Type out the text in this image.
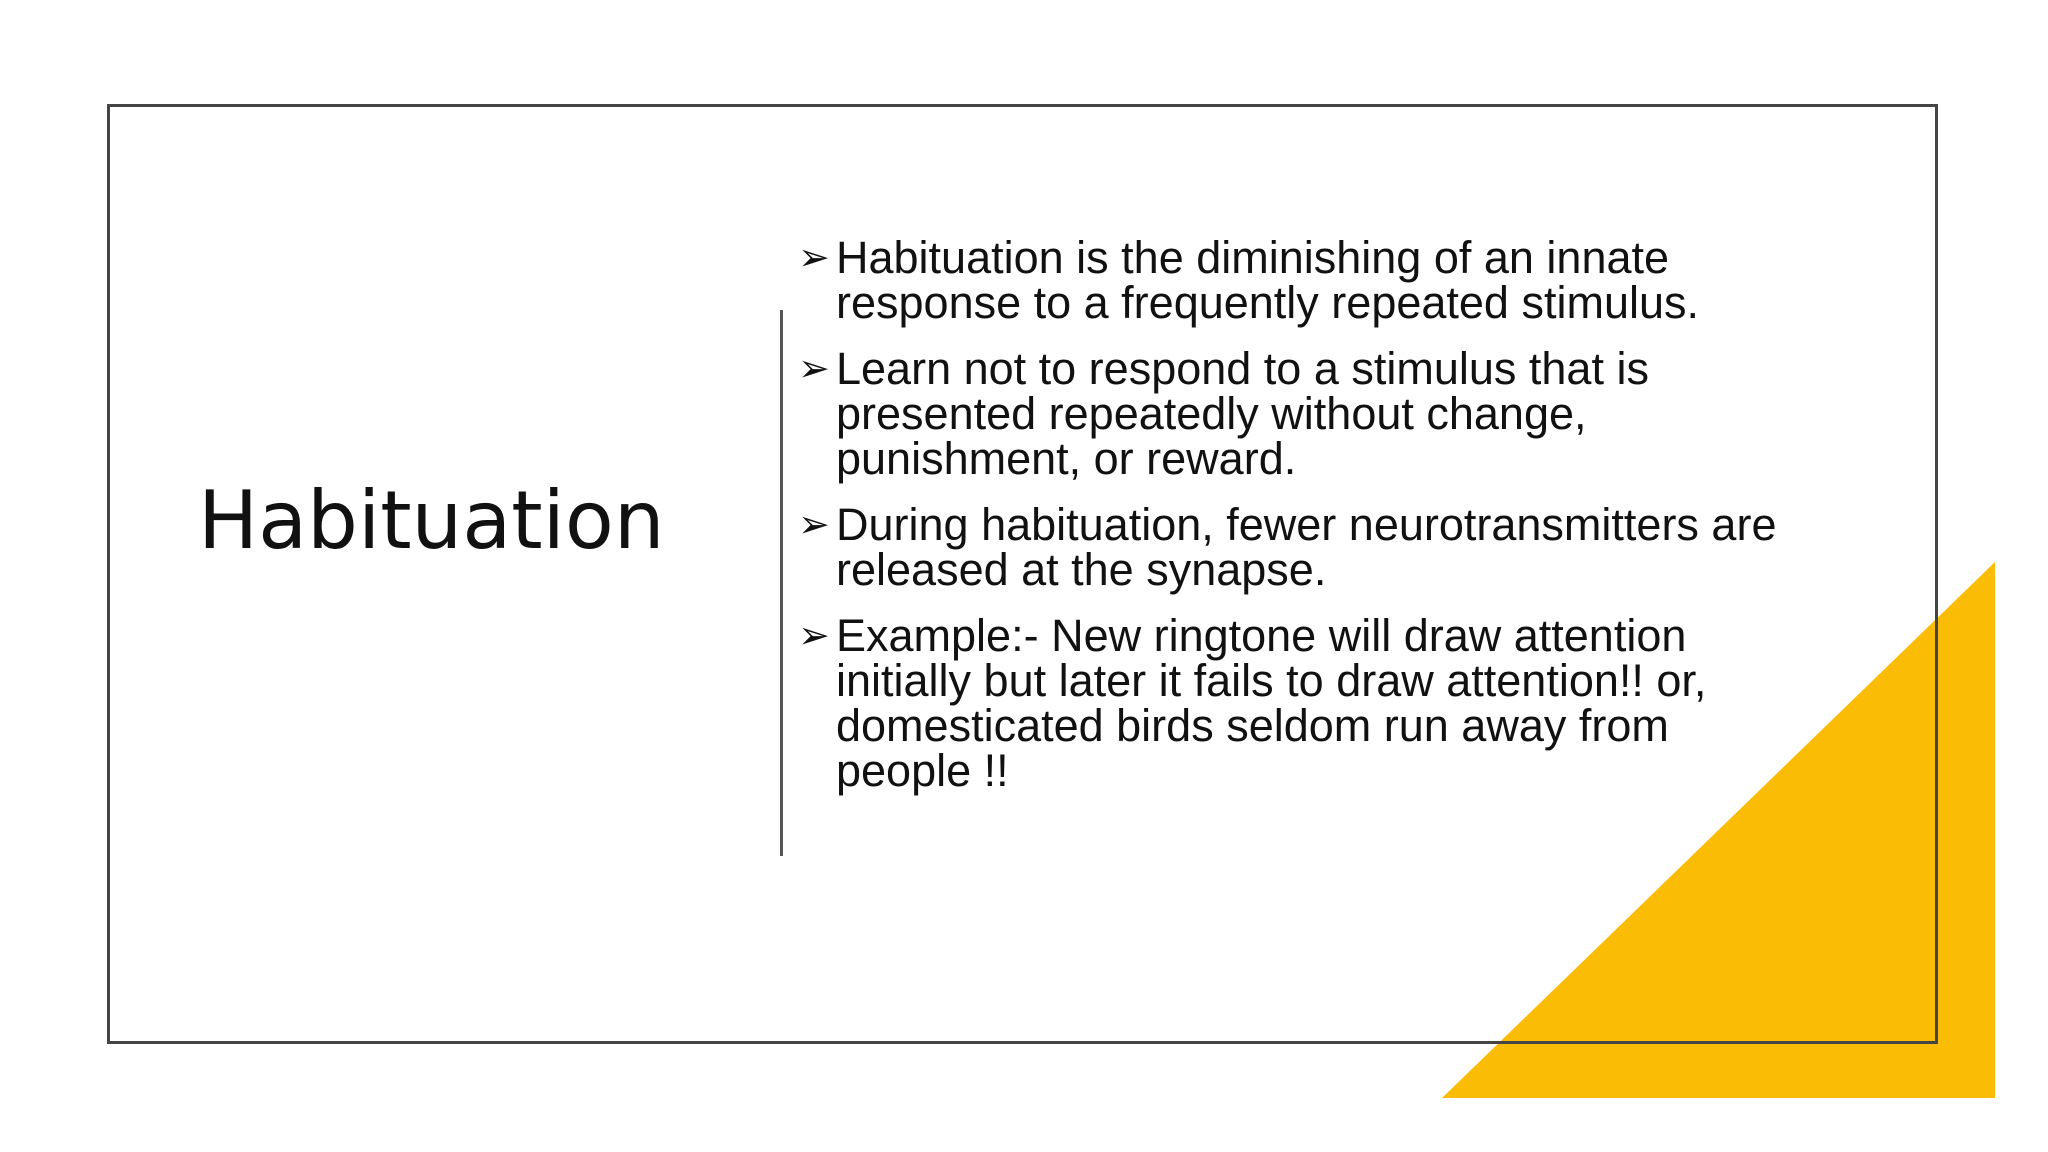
Habituation
➢ Habituation is the diminishing of an innate response to a frequently repeated stimulus.
➢ Learn not to respond to a stimulus that is presented repeatedly without change, punishment, or reward.
➢ During habituation, fewer neurotransmitters are released at the synapse.
➢ Example:- New ringtone will draw attention initially but later it fails to draw attention!! or, domesticated birds seldom run away from people !!
